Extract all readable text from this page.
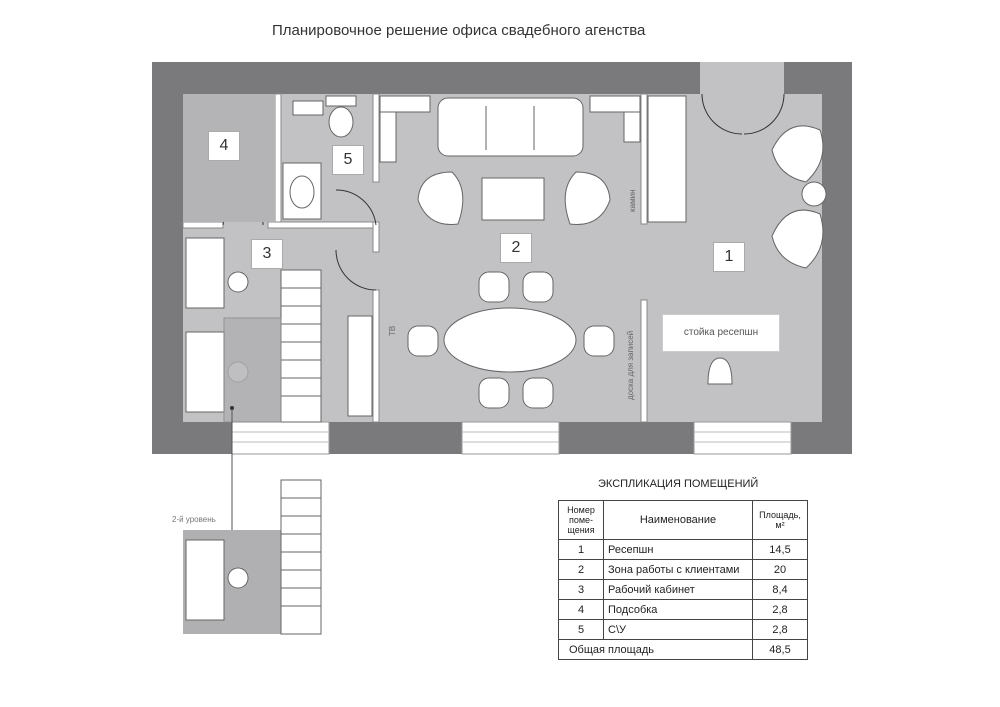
Планировочное решение офиса свадебного агенства
4
5
3	2
1
стойка ресепшн
камин
доска для записей
ТВ
2-й уровень
ЭКСПЛИКАЦИЯ ПОМЕЩЕНИЙ
Номер поме-щения	Наименование	Площадь, м²
1	Ресепшн	14,5
2	Зона работы с клиентами	20
3	Рабочий кабинет	8,4
4	Подсобка	2,8
5	С\У	2,8
Общая площадь		48,5
